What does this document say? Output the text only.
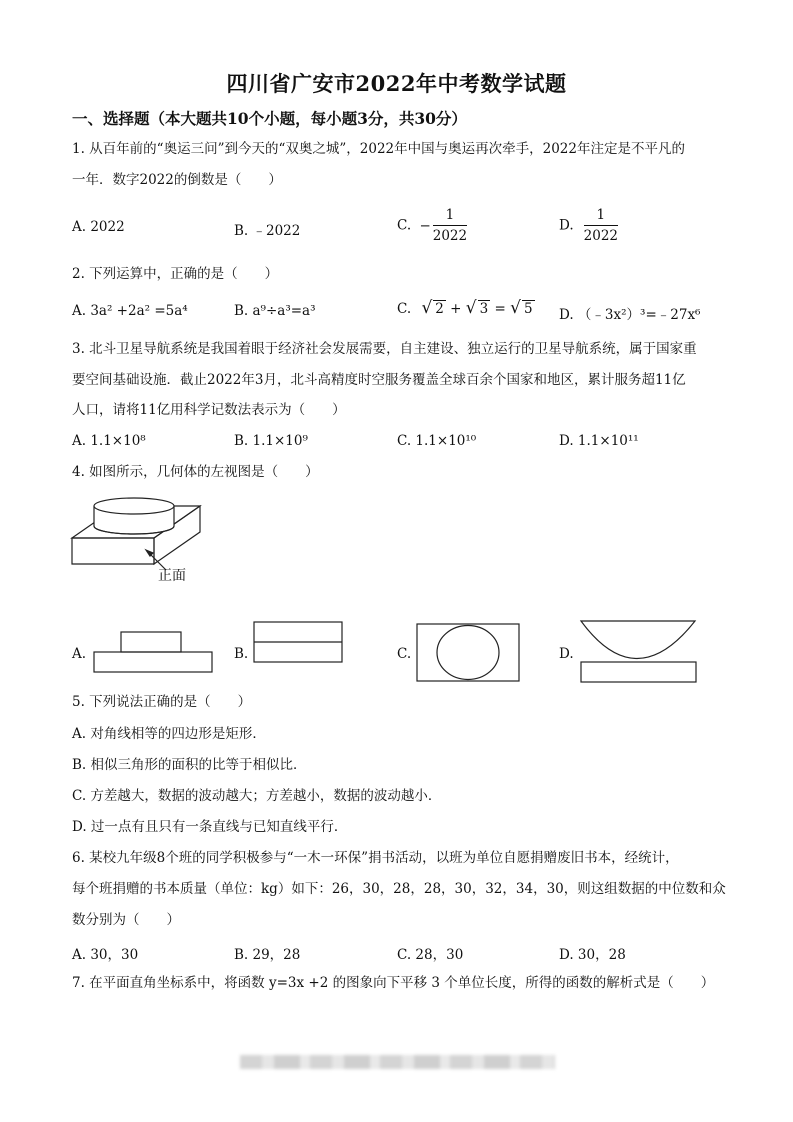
四川省广安市2022年中考数学试题
一、选择题（本大题共10个小题，每小题3分，共30分）
1. 从百年前的“奥运三问”到今天的“双奥之城”，2022年中国与奥运再次牵手，2022年注定是不平凡的
一年．数字2022的倒数是（　　）
A. 2022	B. ﹣2022	C. − $\frac{1}{2022}$	D. $\frac{1}{2022}$
2. 下列运算中，正确的是（　　）
A. 3a² +2a² =5a⁴	B. a⁹÷a³=a³	C. √ 2 + √ 3 = √ 5 D. （﹣3x²）³=﹣27x⁶
3. 北斗卫星导航系统是我国着眼于经济社会发展需要，自主建设、独立运行的卫星导航系统，属于国家重
要空间基础设施．截止2022年3月，北斗高精度时空服务覆盖全球百余个国家和地区，累计服务超11亿
人口，请将11亿用科学记数法表示为（　　）
A. 1.1×10⁸	B. 1.1×10⁹	C. 1.1×10¹⁰	D. 1.1×10¹¹
4. 如图所示，几何体的左视图是（　　）
正面
A.	B.	C.	D.
5. 下列说法正确的是（　　）
A. 对角线相等的四边形是矩形．
B. 相似三角形的面积的比等于相似比．
C. 方差越大，数据的波动越大；方差越小，数据的波动越小．
D. 过一点有且只有一条直线与已知直线平行．
6. 某校九年级8个班的同学积极参与“一木一环保”捐书活动，以班为单位自愿捐赠废旧书本，经统计，
每个班捐赠的书本质量（单位：kg）如下：26，30，28，28，30，32，34，30，则这组数据的中位数和众
数分别为（　　）
A. 30，30	B. 29，28	C. 28，30	D. 30，28
7. 在平面直角坐标系中，将函数 y=3x +2 的图象向下平移 3 个单位长度，所得的函数的解析式是（　　）
